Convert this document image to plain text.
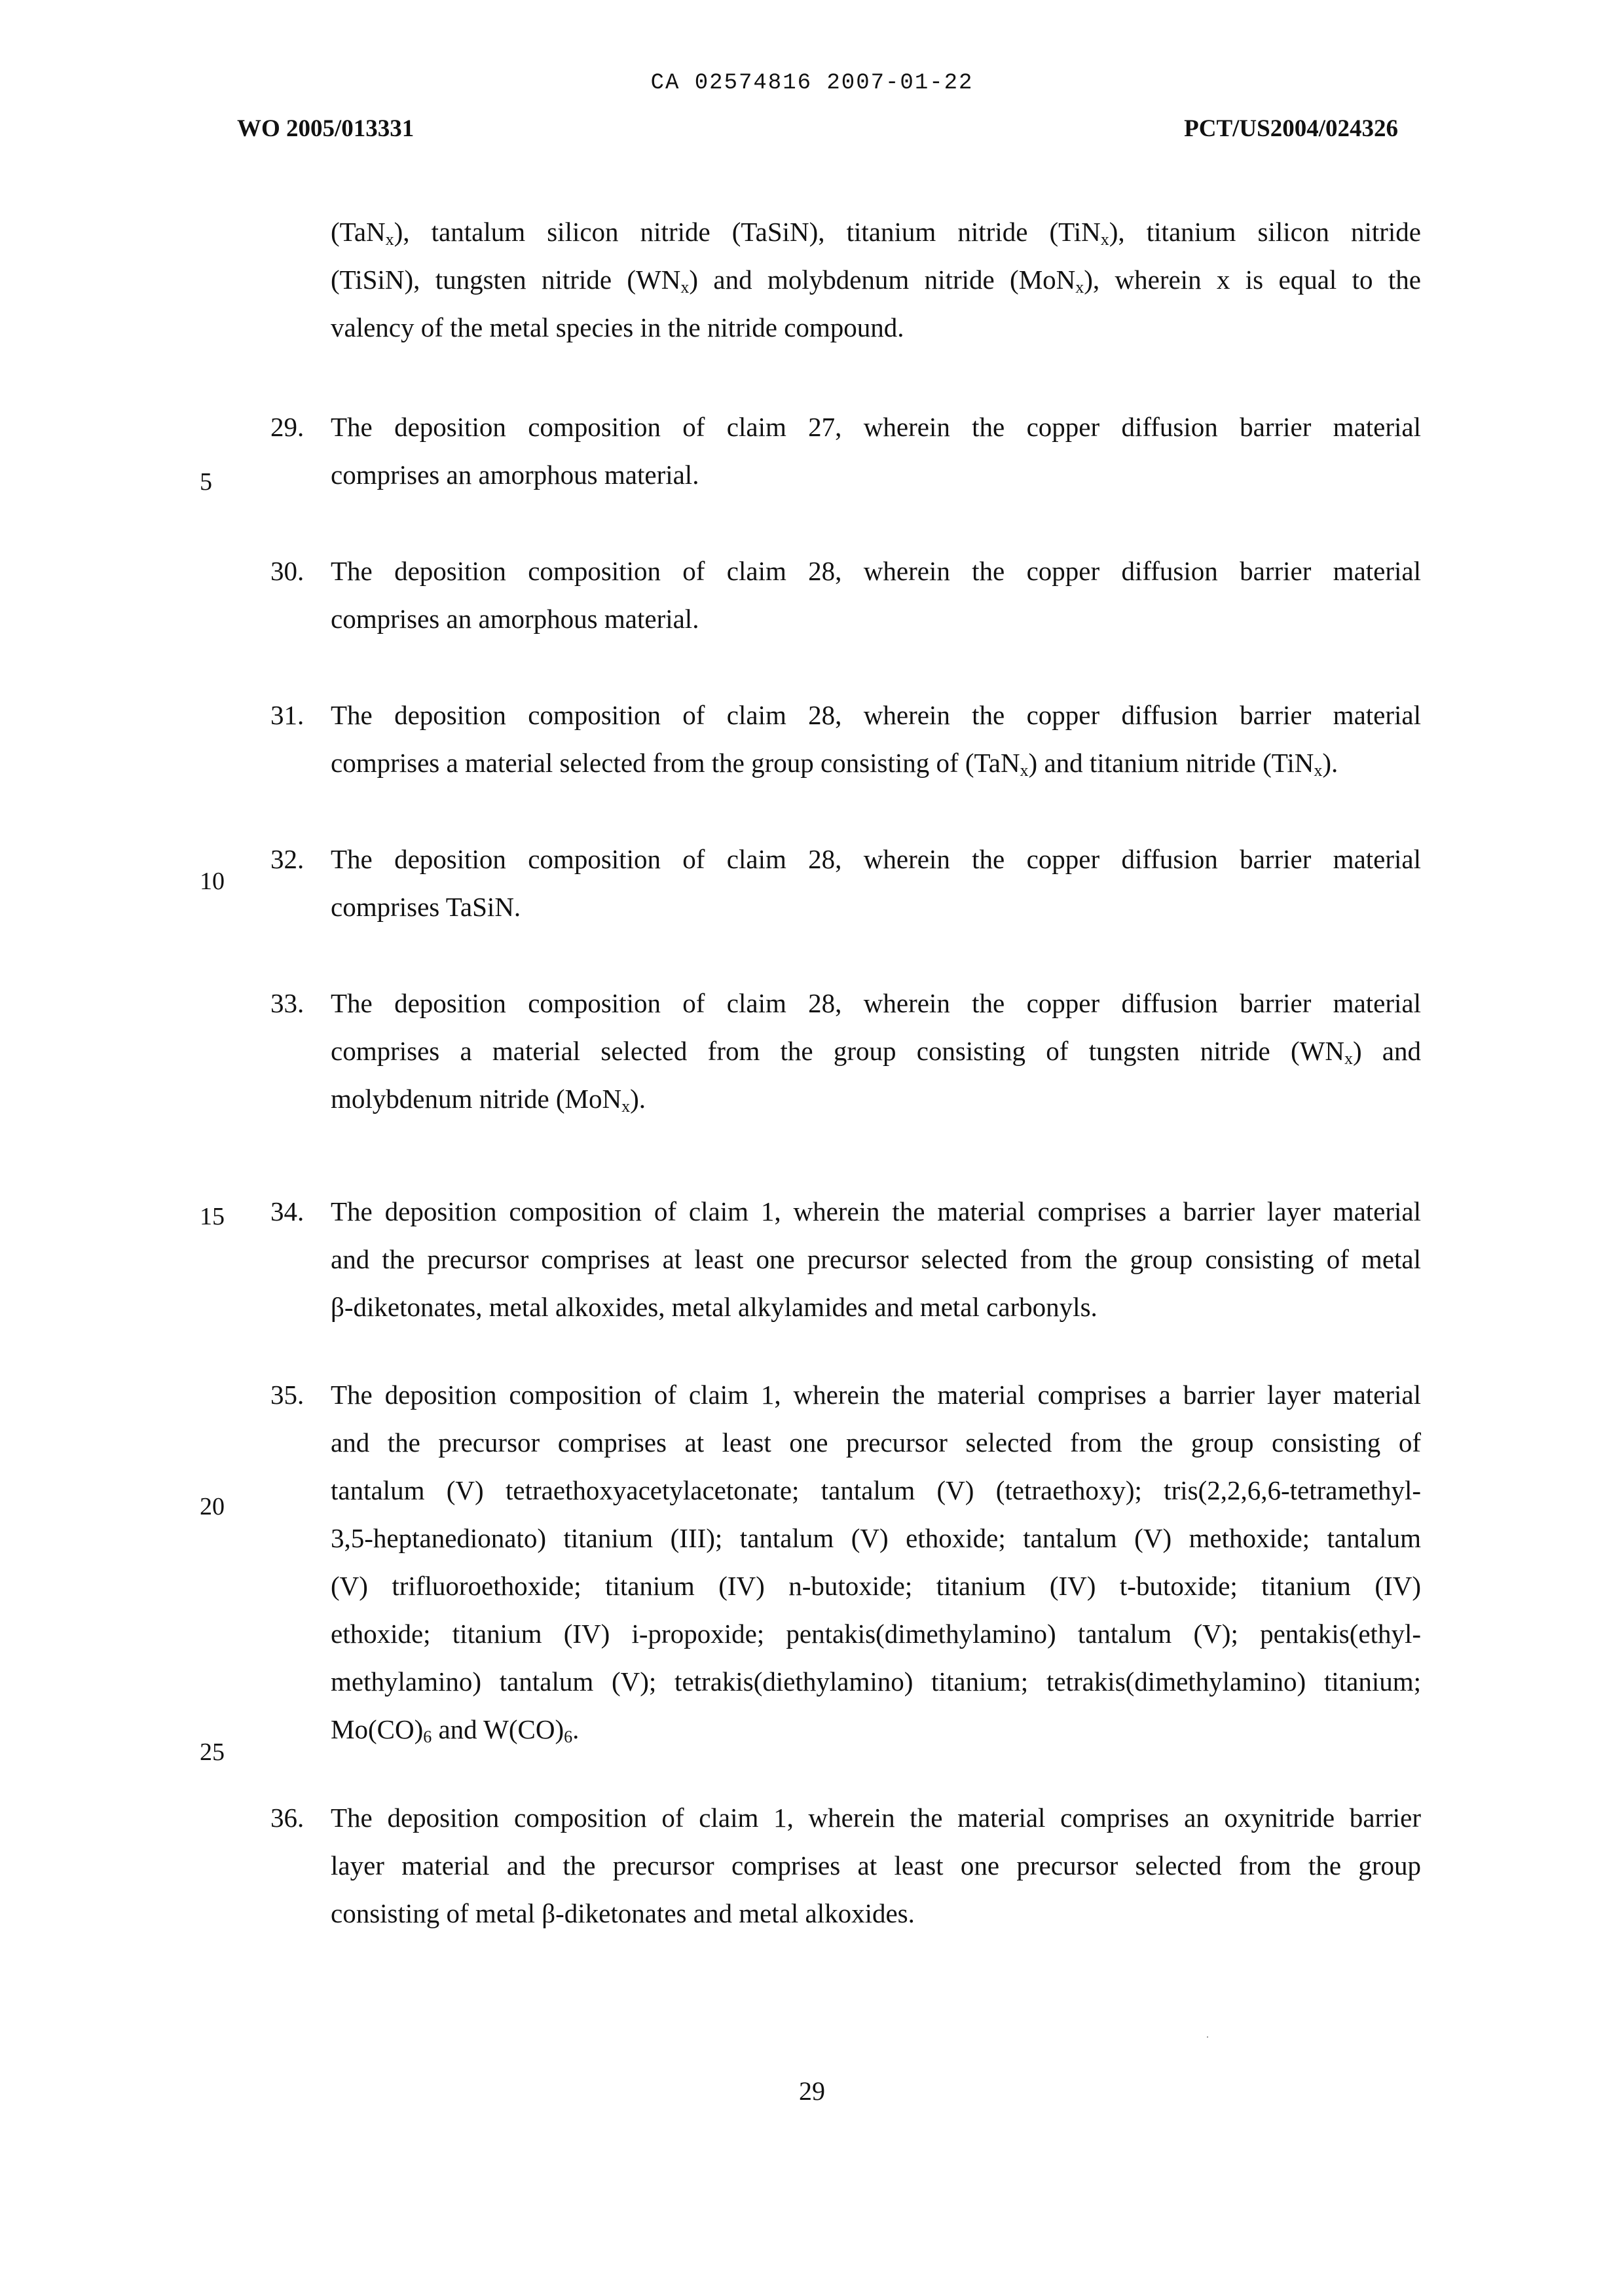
CA 02574816 2007-01-22
WO 2005/013331	PCT/US2004/024326
(TaN$_x$), tantalum silicon nitride (TaSiN), titanium nitride (TiN$_x$), titanium silicon nitride
(TiSiN), tungsten nitride $(WN_x)$ and molybdenum nitride (MoN$_x$), wherein x is equal to the
valency of the metal species in the nitride compound.
29. The deposition composition of claim 27, wherein the copper diffusion barrier material
comprises an amorphous material.
30. The deposition composition of claim 28, wherein the copper diffusion barrier material
comprises an amorphous material.
31. The deposition composition of claim 28, wherein the copper diffusion barrier material
comprises a material selected from the group consisting of (TaN$_x$) and titanium nitride (TiN$_x$).
32. The deposition composition of claim 28, wherein the copper diffusion barrier material
comprises TaSiN.
33. The deposition composition of claim 28, wherein the copper diffusion barrier material
comprises a material selected from the group consisting of tungsten nitride $(WN_x)$ and
molybdenum nitride (MoN$_x$).
34. The deposition composition of claim 1, wherein the material comprises a barrier layer material
and the precursor comprises at least one precursor selected from the group consisting of metal
β-diketonates, metal alkoxides, metal alkylamides and metal carbonyls.
35. The deposition composition of claim 1, wherein the material comprises a barrier layer material
and the precursor comprises at least one precursor selected from the group consisting of
tantalum (V) tetraethoxyacetylacetonate; tantalum (V) (tetraethoxy); tris(2,2,6,6-tetramethyl-
3,5-heptanedionato) titanium (III); tantalum (V) ethoxide; tantalum (V) methoxide; tantalum
(V) trifluoroethoxide; titanium (IV) n-butoxide; titanium (IV) t-butoxide; titanium (IV)
ethoxide; titanium (IV) i-propoxide; pentakis(dimethylamino) tantalum (V); pentakis(ethyl-
methylamino) tantalum (V); tetrakis(diethylamino) titanium; tetrakis(dimethylamino) titanium;
$Mo(CO)_6$ and $W(CO)_6$.
36. The deposition composition of claim 1, wherein the material comprises an oxynitride barrier
layer material and the precursor comprises at least one precursor selected from the group
consisting of metal β-diketonates and metal alkoxides.
5
10
15
20
25
29
